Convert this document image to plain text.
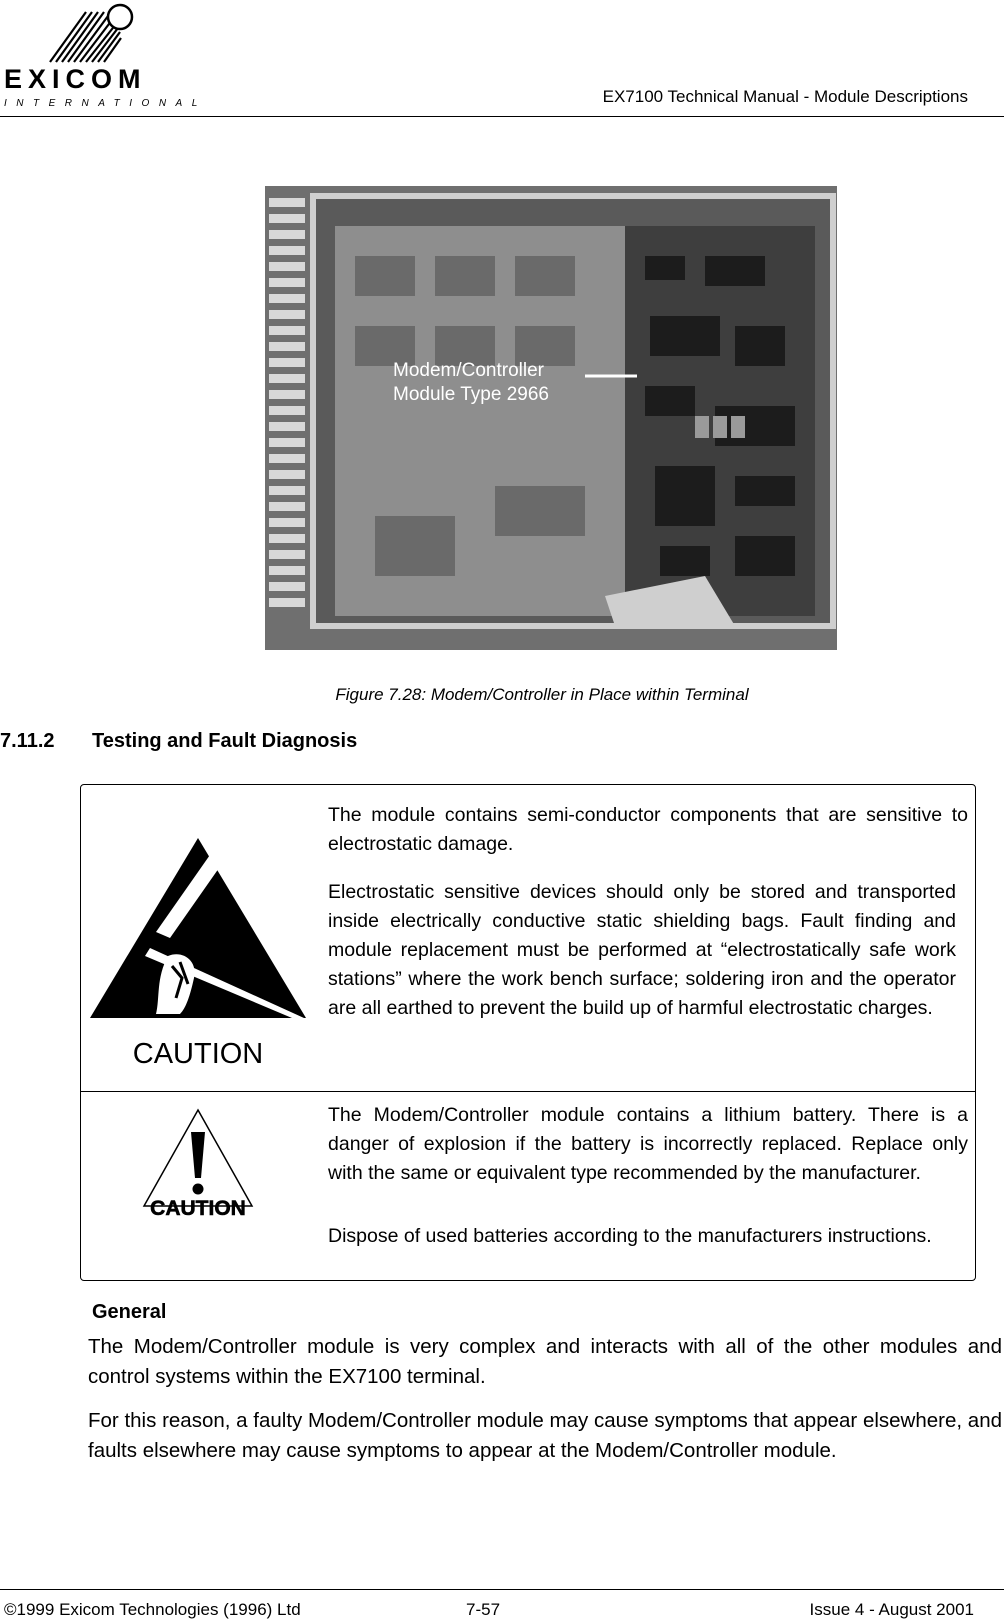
EXICOM
INTERNATIONAL	EX7100 Technical Manual - Module Descriptions
Modem/Controller
Module Type 2966
Figure 7.28: Modem/Controller in Place within Terminal
7.11.2 Testing and Fault Diagnosis
CAUTION
The module contains semi-conductor components that are sensitive to electrostatic damage.
Electrostatic sensitive devices should only be stored and transported inside electrically conductive static shielding bags. Fault finding and module replacement must be performed at “electrostatically safe work stations” where the work bench surface; soldering iron and the operator are all earthed to prevent the build up of harmful electrostatic charges.
CAUTION
The Modem/Controller module contains a lithium battery. There is a danger of explosion if the battery is incorrectly replaced. Replace only with the same or equivalent type recommended by the manufacturer.
Dispose of used batteries according to the manufacturers instructions.
General
The Modem/Controller module is very complex and interacts with all of the other modules and control systems within the EX7100 terminal.
For this reason, a faulty Modem/Controller module may cause symptoms that appear elsewhere, and faults elsewhere may cause symptoms to appear at the Modem/Controller module.
©1999 Exicom Technologies (1996) Ltd	7-57	Issue 4 - August 2001
